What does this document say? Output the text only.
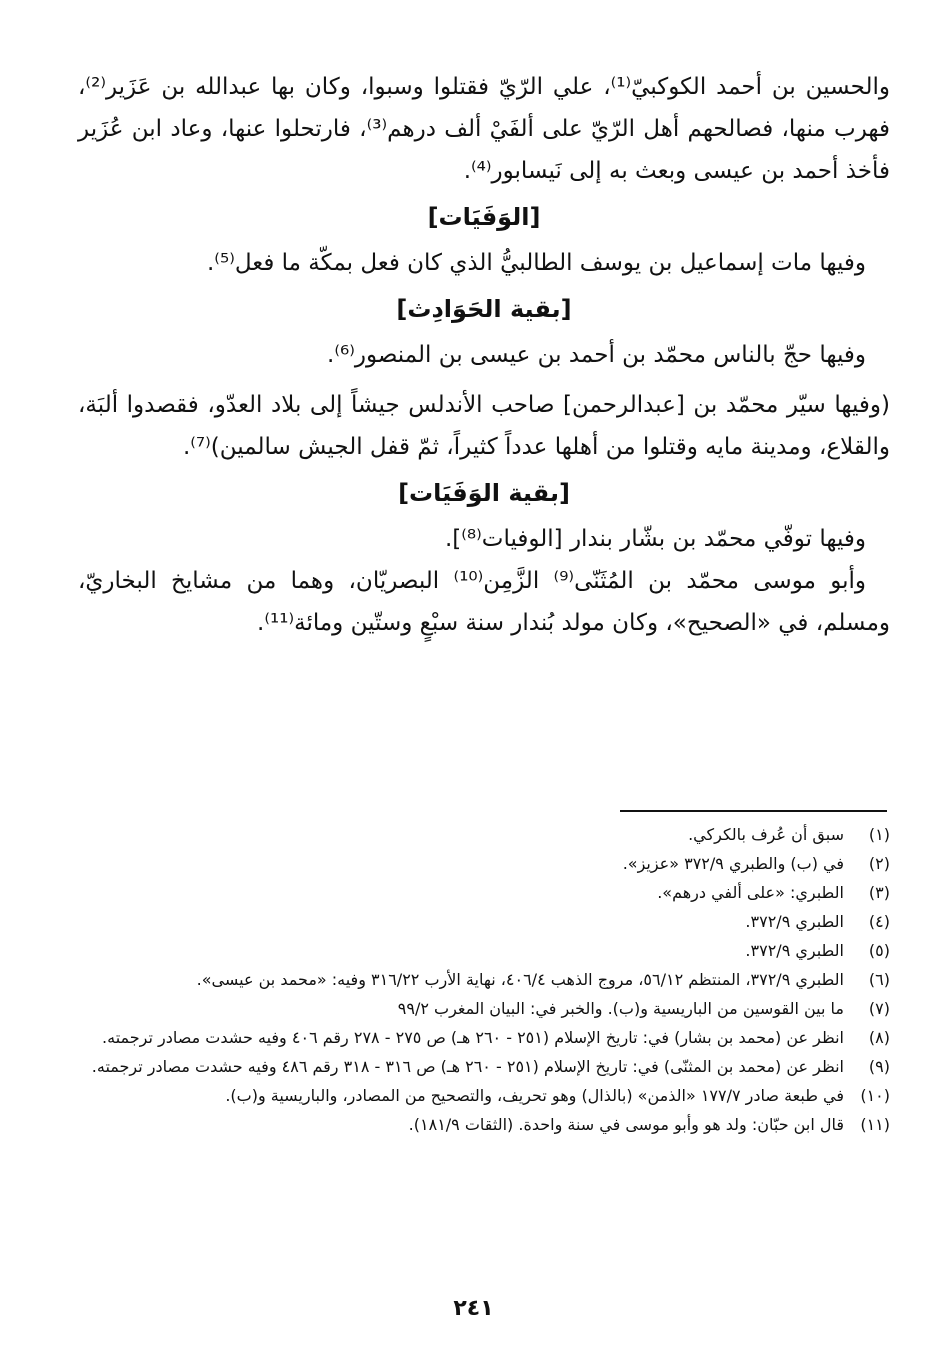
والحسين بن أحمد الكوكبيّ⁽¹⁾، علي الرّيّ فقتلوا وسبوا، وكان بها عبدالله بن عَزَير⁽²⁾، فهرب منها، فصالحهم أهل الرّيّ على ألفَيْ ألف درهم⁽³⁾، فارتحلوا عنها، وعاد ابن عُزَير فأخذ أحمد بن عيسى وبعث به إلى نَيسابور⁽⁴⁾.

[الوَفَيَات]

وفيها مات إسماعيل بن يوسف الطالبيُّ الذي كان فعل بمكّة ما فعل⁽⁵⁾.

[بقية الحَوَادِث]

وفيها حجّ بالناس محمّد بن أحمد بن عيسى بن المنصور⁽⁶⁾.

(وفيها سيّر محمّد بن [عبدالرحمن] صاحب الأندلس جيشاً إلى بلاد العدّو، فقصدوا ألبَة، والقلاع، ومدينة مايه وقتلوا من أهلها عدداً كثيراً، ثمّ قفل الجيش سالمين)⁽⁷⁾.

[بقية الوَفَيَات]

وفيها توفّي محمّد بن بشّار بندار [الوفيات⁽⁸⁾].

وأبو موسى محمّد بن المُثَنّى⁽⁹⁾ الزَّمِن⁽¹⁰⁾ البصريّان، وهما من مشايخ البخاريّ، ومسلم، في «الصحيح»، وكان مولد بُندار سنة سبْعٍ وستّين ومائة⁽¹¹⁾.

(١)
سبق أن عُرف بالكركي.
(٢)
في (ب) والطبري ٣٧٢/٩ «عزيز».
(٣)
الطبري: «على ألفي درهم».
(٤)
الطبري ٣٧٢/٩.
(٥)
الطبري ٣٧٢/٩.
(٦)
الطبري ٣٧٢/٩، المنتظم ٥٦/١٢، مروج الذهب ٤٠٦/٤، نهاية الأرب ٣١٦/٢٢ وفيه: «محمد بن عيسى».
(٧)
ما بين القوسين من الباريسية و(ب). والخبر في: البيان المغرب ٩٩/٢
(٨)
انظر عن (محمد بن بشار) في: تاريخ الإسلام (٢٥١ - ٢٦٠ هـ) ص ٢٧٥ - ٢٧٨ رقم ٤٠٦ وفيه حشدت مصادر ترجمته.
(٩)
انظر عن (محمد بن المثنّى) في: تاريخ الإسلام (٢٥١ - ٢٦٠ هـ) ص ٣١٦ - ٣١٨ رقم ٤٨٦ وفيه حشدت مصادر ترجمته.
(١٠)
في طبعة صادر ١٧٧/٧ «الذمن» (بالذال) وهو تحريف، والتصحيح من المصادر، والباريسية و(ب).
(١١)
قال ابن حبّان: ولد هو وأبو موسى في سنة واحدة. (الثقات ١٨١/٩).
٢٤١
